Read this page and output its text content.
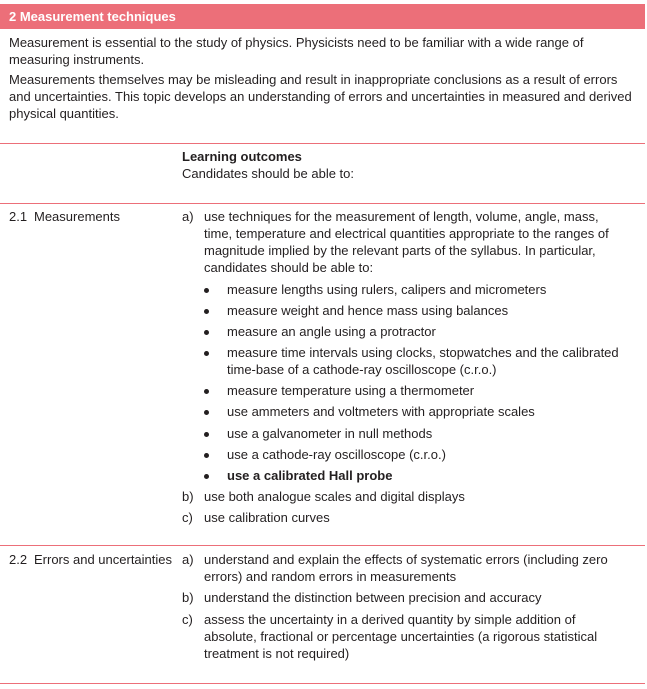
2 Measurement techniques

Measurement is essential to the study of physics. Physicists need to be familiar with a wide range of measuring instruments.

Measurements themselves may be misleading and result in inappropriate conclusions as a result of errors and uncertainties. This topic develops an understanding of errors and uncertainties in measured and derived physical quantities.

Learning outcomes
Candidates should be able to:
2.1 Measurements	a) use techniques for the measurement of length, volume, angle, mass, time, temperature and electrical quantities appropriate to the ranges of magnitude implied by the relevant parts of the syllabus. In particular, candidates should be able to:
measure lengths using rulers, calipers and micrometers
measure weight and hence mass using balances
measure an angle using a protractor
measure time intervals using clocks, stopwatches and the calibrated time-base of a cathode-ray oscilloscope (c.r.o.)
measure temperature using a thermometer
use ammeters and voltmeters with appropriate scales
use a galvanometer in null methods
use a cathode-ray oscilloscope (c.r.o.)
use a calibrated Hall probe
b) use both analogue scales and digital displays
c) use calibration curves
2.2 Errors and uncertainties a) understand and explain the effects of systematic errors (including zero errors) and random errors in measurements
b) understand the distinction between precision and accuracy
c) assess the uncertainty in a derived quantity by simple addition of absolute, fractional or percentage uncertainties (a rigorous statistical treatment is not required)
